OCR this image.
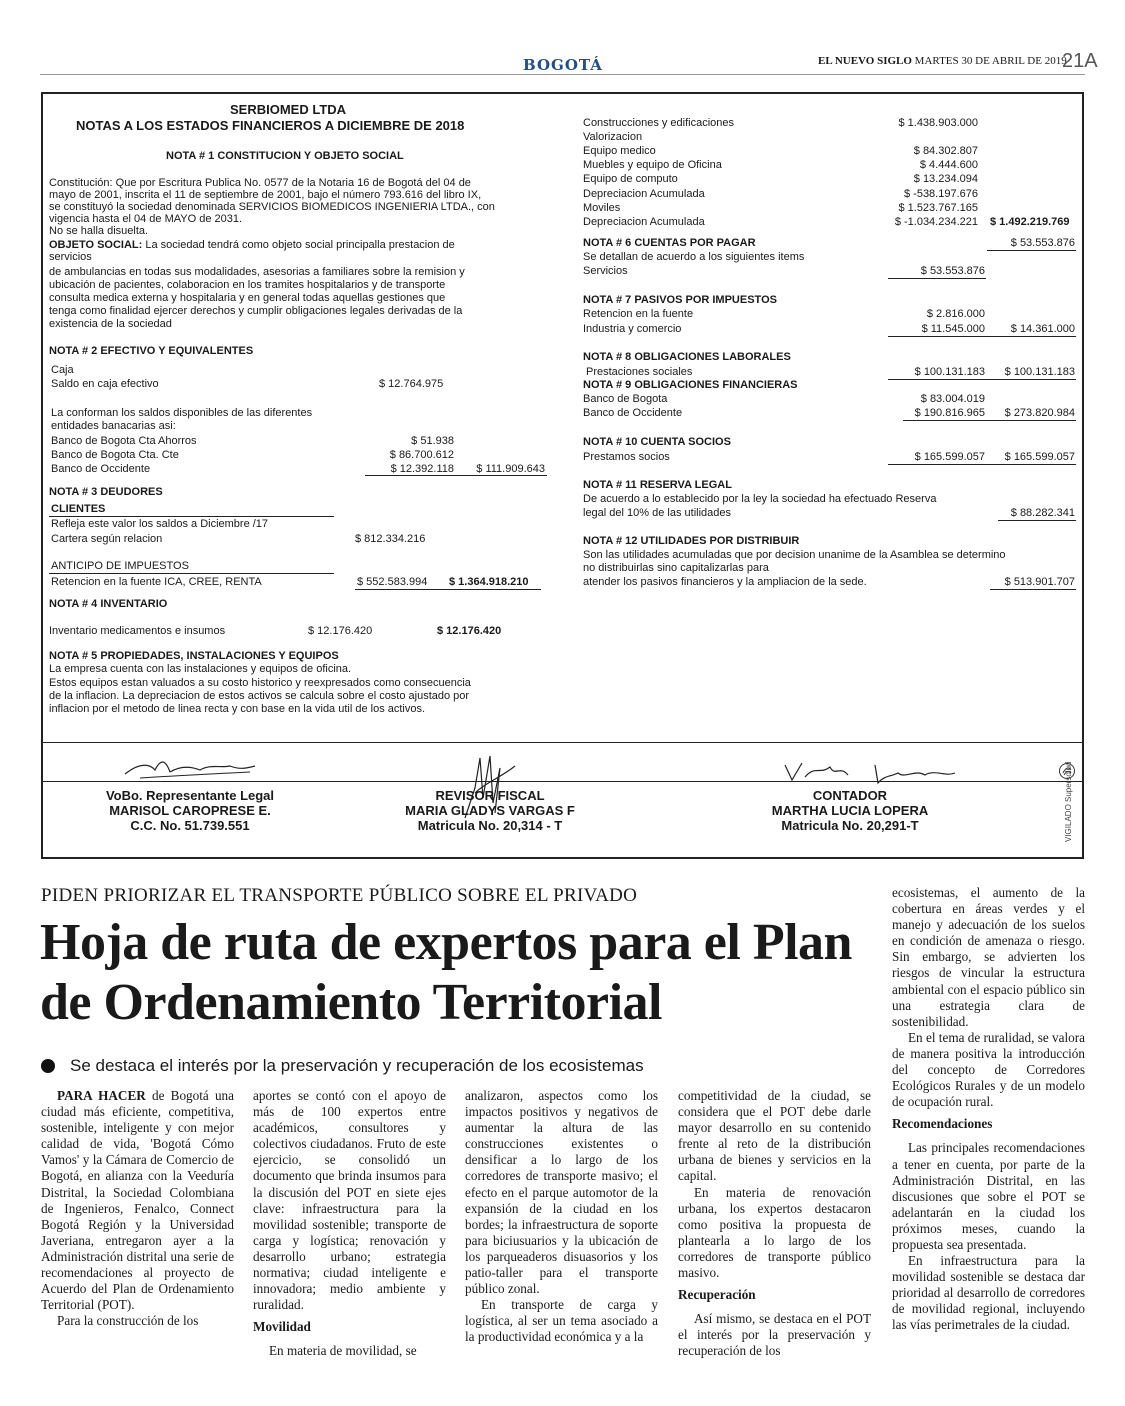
BOGOTÁ	EL NUEVO SIGLO MARTES 30 DE ABRIL DE 2019
21A
SERBIOMED LTDA
NOTAS A LOS ESTADOS FINANCIEROS A DICIEMBRE DE 2018
NOTA # 1 CONSTITUCION Y OBJETO SOCIAL
Constitución: Que por Escritura Publica No. 0577 de la Notaria 16 de Bogotá del 04 de
mayo de 2001, inscrita el 11 de septiembre de 2001, bajo el número 793.616 del libro IX,
se constituyó la sociedad denominada SERVICIOS BIOMEDICOS INGENIERIA LTDA., con
vigencia hasta el 04 de MAYO de 2031.
No se halla disuelta.
OBJETO SOCIAL: La sociedad tendrá como objeto social principalla prestacion de
servicios
de ambulancias en todas sus modalidades, asesorias a familiares sobre la remision y
ubicación de pacientes, colaboracion en los tramites hospitalarios y de transporte
consulta medica externa y hospitalaria y en general todas aquellas gestiones que
tenga como finalidad ejercer derechos y cumplir obligaciones legales derivadas de la
existencia de la sociedad
NOTA # 2 EFECTIVO Y EQUIVALENTES
Caja
Saldo en caja efectivo	$ 12.764.975
La conforman los saldos disponibles de las diferentes
entidades banacarias asi:
Banco de Bogota Cta Ahorros	$ 51.938
Banco de Bogota Cta. Cte	$ 86.700.612
Banco de Occidente	$ 12.392.118	$ 111.909.643
NOTA # 3 DEUDORES
CLIENTES
Refleja este valor los saldos a Diciembre /17
Cartera según relacion	$ 812.334.216
ANTICIPO DE IMPUESTOS
Retencion en la fuente ICA, CREE, RENTA	$ 552.583.994 $ 1.364.918.210
NOTA # 4 INVENTARIO
Inventario medicamentos e insumos	$ 12.176.420	$ 12.176.420
NOTA # 5 PROPIEDADES, INSTALACIONES Y EQUIPOS
La empresa cuenta con las instalaciones y equipos de oficina.
Estos equipos estan valuados a su costo historico y reexpresados como consecuencia
de la inflacion. La depreciacion de estos activos se calcula sobre el costo ajustado por
inflacion por el metodo de linea recta y con base en la vida util de los activos.
Construcciones y edificaciones	$ 1.438.903.000
Valorizacion
Equipo medico	$ 84.302.807
Muebles y equipo de Oficina	$ 4.444.600
Equipo de computo	$ 13.234.094
Depreciacion Acumulada	$ -538.197.676
Moviles	$ 1.523.767.165
Depreciacion Acumulada	$ -1.034.234.221 $ 1.492.219.769
NOTA # 6 CUENTAS POR PAGAR	$ 53.553.876
Se detallan de acuerdo a los siguientes items
Servicios	$ 53.553.876
NOTA # 7 PASIVOS POR IMPUESTOS
Retencion en la fuente	$ 2.816.000
Industria y comercio	$ 11.545.000	$ 14.361.000
NOTA # 8 OBLIGACIONES LABORALES
Prestaciones sociales	$ 100.131.183	$ 100.131.183
NOTA # 9 OBLIGACIONES FINANCIERAS
Banco de Bogota	$ 83.004.019
Banco de Occidente	$ 190.816.965	$ 273.820.984
NOTA # 10 CUENTA SOCIOS
Prestamos socios	$ 165.599.057	$ 165.599.057
NOTA # 11 RESERVA LEGAL
De acuerdo a lo establecido por la ley la sociedad ha efectuado Reserva
legal del 10% de las utilidades	$ 88.282.341
NOTA # 12 UTILIDADES POR DISTRIBUIR
Son las utilidades acumuladas que por decision unanime de la Asamblea se determino
no distribuirlas sino capitalizarlas para
atender los pasivos financieros y la ampliacion de la sede.	$ 513.901.707
VoBo. Representante Legal
MARISOL CAROPRESE E.
C.C. No. 51.739.551
REVISOR FISCAL
MARIA GLADYS VARGAS F
Matricula No. 20,314 - T
CONTADOR
MARTHA LUCIA LOPERA
Matricula No. 20,291-T	VIGILADO Supersolud
PIDEN PRIORIZAR EL TRANSPORTE PÚBLICO SOBRE EL PRIVADO
Hoja de ruta de expertos para el Plan de Ordenamiento Territorial
Se destaca el interés por la preservación y recuperación de los ecosistemas

PARA HACER de Bogotá una ciudad más eficiente, competitiva, sostenible, inteligente y con mejor calidad de vida, 'Bogotá Cómo Vamos' y la Cámara de Comercio de Bogotá, en alianza con la Veeduría Distrital, la Sociedad Colombiana de Ingenieros, Fenalco, Connect Bogotá Región y la Universidad Javeriana, entregaron ayer a la Administración distrital una serie de recomendaciones al proyecto de Acuerdo del Plan de Ordenamiento Territorial (POT).

Para la construcción de los

aportes se contó con el apoyo de más de 100 expertos entre académicos, consultores y colectivos ciudadanos. Fruto de este ejercicio, se consolidó un documento que brinda insumos para la discusión del POT en siete ejes clave: infraestructura para la movilidad sostenible; transporte de carga y logística; renovación y desarrollo urbano; estrategia normativa; ciudad inteligente e innovadora; medio ambiente y ruralidad.

Movilidad

En materia de movilidad, se

analizaron, aspectos como los impactos positivos y negativos de aumentar la altura de las construcciones existentes o densificar a lo largo de los corredores de transporte masivo; el efecto en el parque automotor de la expansión de la ciudad en los bordes; la infraestructura de soporte para biciusuarios y la ubicación de los parqueaderos disuasorios y los patio-taller para el transporte público zonal.

En transporte de carga y logística, al ser un tema asociado a la productividad económica y a la

competitividad de la ciudad, se considera que el POT debe darle mayor desarrollo en su contenido frente al reto de la distribución urbana de bienes y servicios en la capital.

En materia de renovación urbana, los expertos destacaron como positiva la propuesta de plantearla a lo largo de los corredores de transporte público masivo.

Recuperación

Así mismo, se destaca en el POT el interés por la preservación y recuperación de los

ecosistemas, el aumento de la cobertura en áreas verdes y el manejo y adecuación de los suelos en condición de amenaza o riesgo. Sin embargo, se advierten los riesgos de vincular la estructura ambiental con el espacio público sin una estrategia clara de sostenibilidad.

En el tema de ruralidad, se valora de manera positiva la introducción del concepto de Corredores Ecológicos Rurales y de un modelo de ocupación rural.

Recomendaciones

Las principales recomendaciones a tener en cuenta, por parte de la Administración Distrital, en las discusiones que sobre el POT se adelantarán en la ciudad los próximos meses, cuando la propuesta sea presentada.

En infraestructura para la movilidad sostenible se destaca dar prioridad al desarrollo de corredores de movilidad regional, incluyendo las vías perimetrales de la ciudad.
